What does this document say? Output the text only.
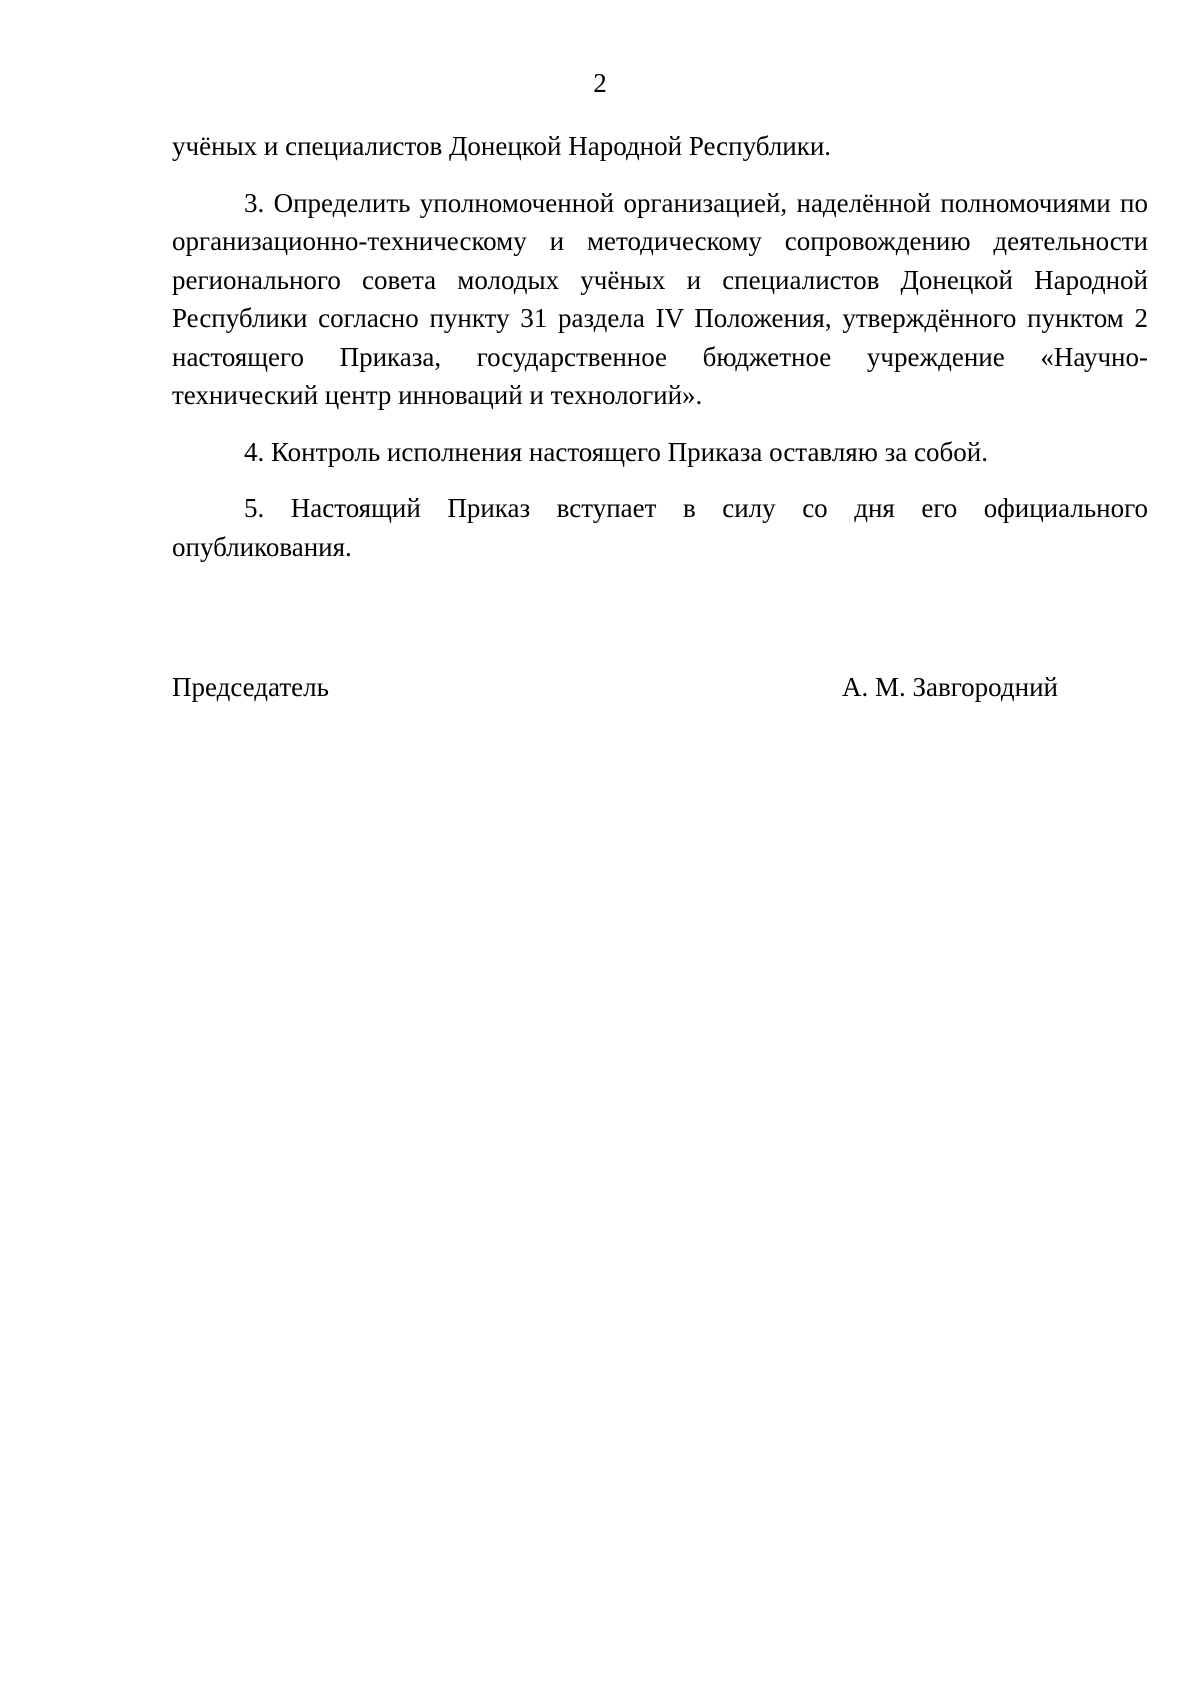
2

учёных и специалистов Донецкой Народной Республики.

3. Определить уполномоченной организацией, наделённой полномочиями по организационно-техническому и методическому сопровождению деятельности регионального совета молодых учёных и специалистов Донецкой Народной Республики согласно пункту 31 раздела IV Положения, утверждённого пунктом 2 настоящего Приказа, государственное бюджетное учреждение «Научно-технический центр инноваций и технологий».

4. Контроль исполнения настоящего Приказа оставляю за собой.

5. Настоящий Приказ вступает в силу со дня его официального опубликования.

Председатель	А. М. Завгородний
